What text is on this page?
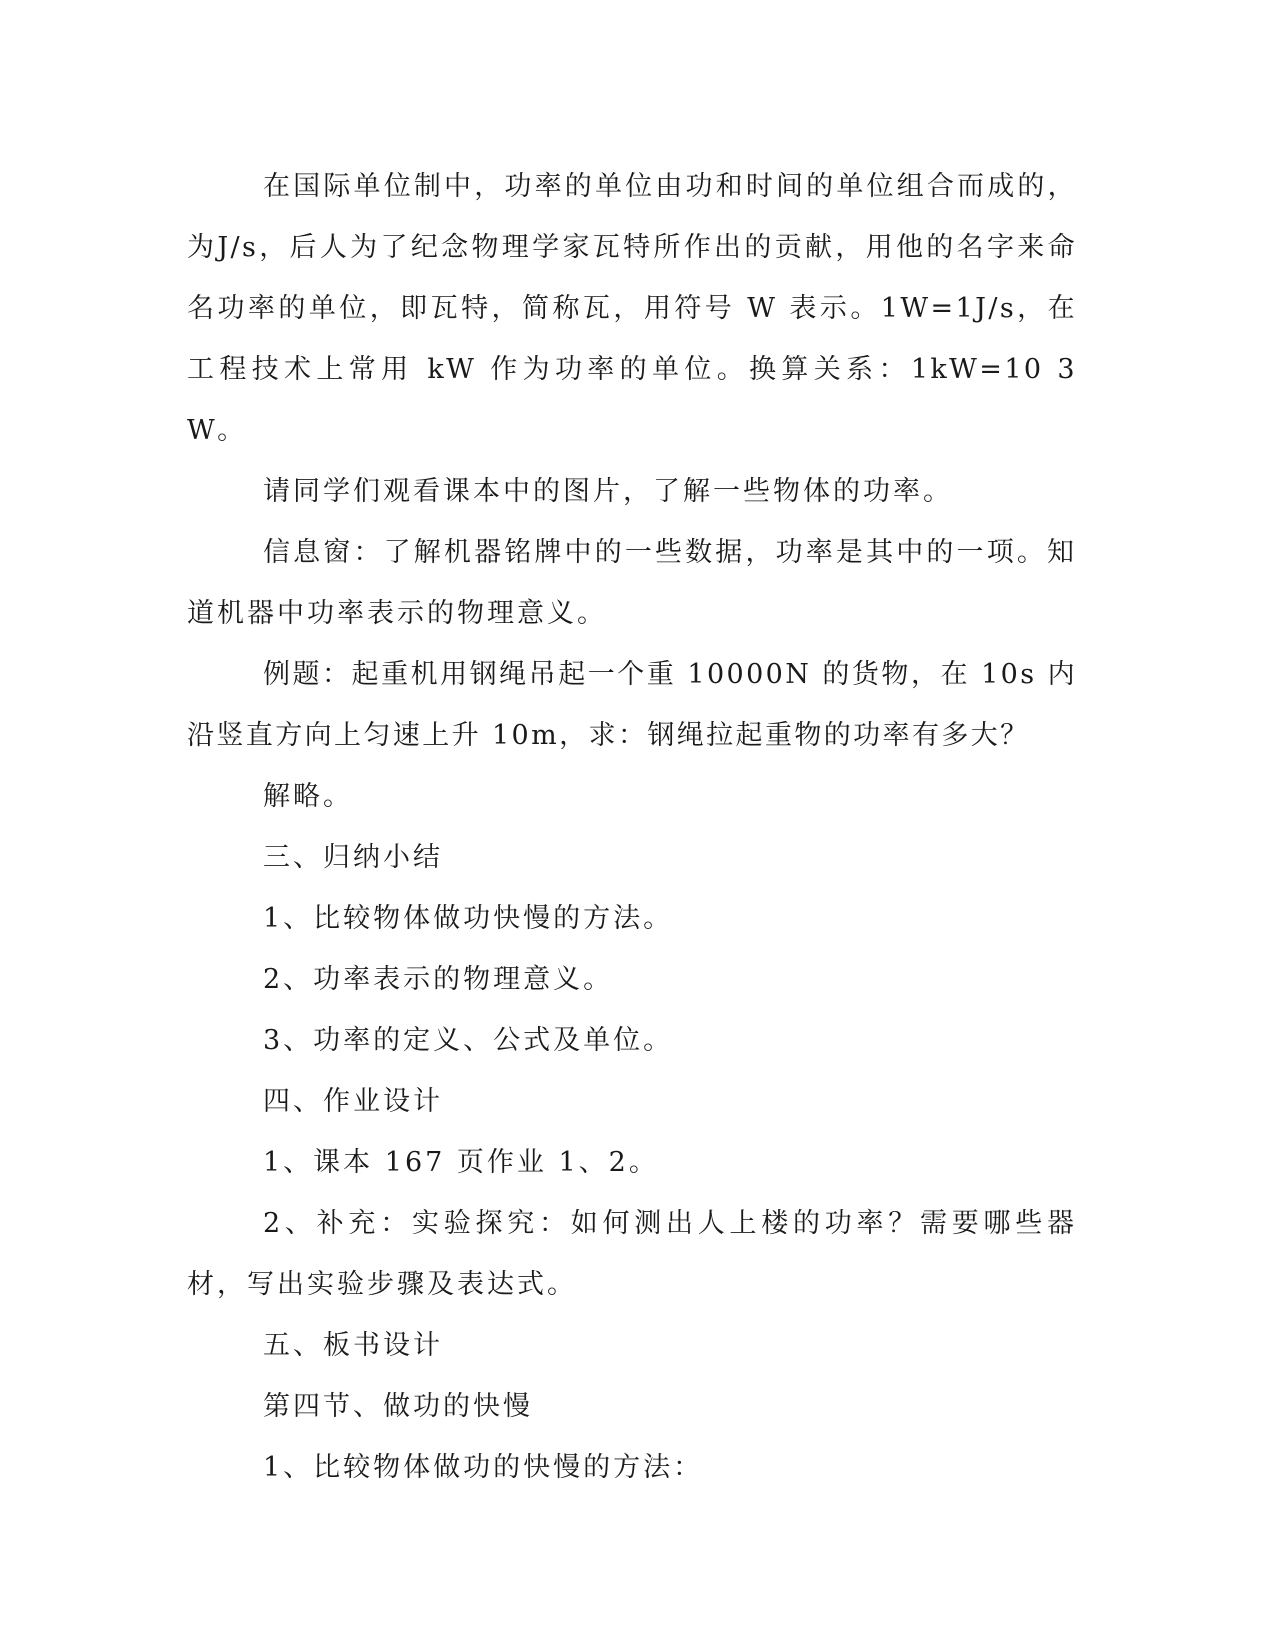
在国际单位制中，功率的单位由功和时间的单位组合而成的，为J/s，后人为了纪念物理学家瓦特所作出的贡献，用他的名字来命名功率的单位，即瓦特，简称瓦，用符号 W 表示。1W=1J/s，在工程技术上常用 kW 作为功率的单位。换算关系：1kW=10 3 W。

请同学们观看课本中的图片，了解一些物体的功率。

信息窗：了解机器铭牌中的一些数据，功率是其中的一项。知道机器中功率表示的物理意义。

例题：起重机用钢绳吊起一个重 10000N 的货物，在 10s 内沿竖直方向上匀速上升 10m，求：钢绳拉起重物的功率有多大？

解略。

三、归纳小结

1、比较物体做功快慢的方法。

2、功率表示的物理意义。

3、功率的定义、公式及单位。

四、作业设计

1、课本 167 页作业 1、2。

2、补充：实验探究：如何测出人上楼的功率？需要哪些器材，写出实验步骤及表达式。

五、板书设计

第四节、做功的快慢

1、比较物体做功的快慢的方法：
